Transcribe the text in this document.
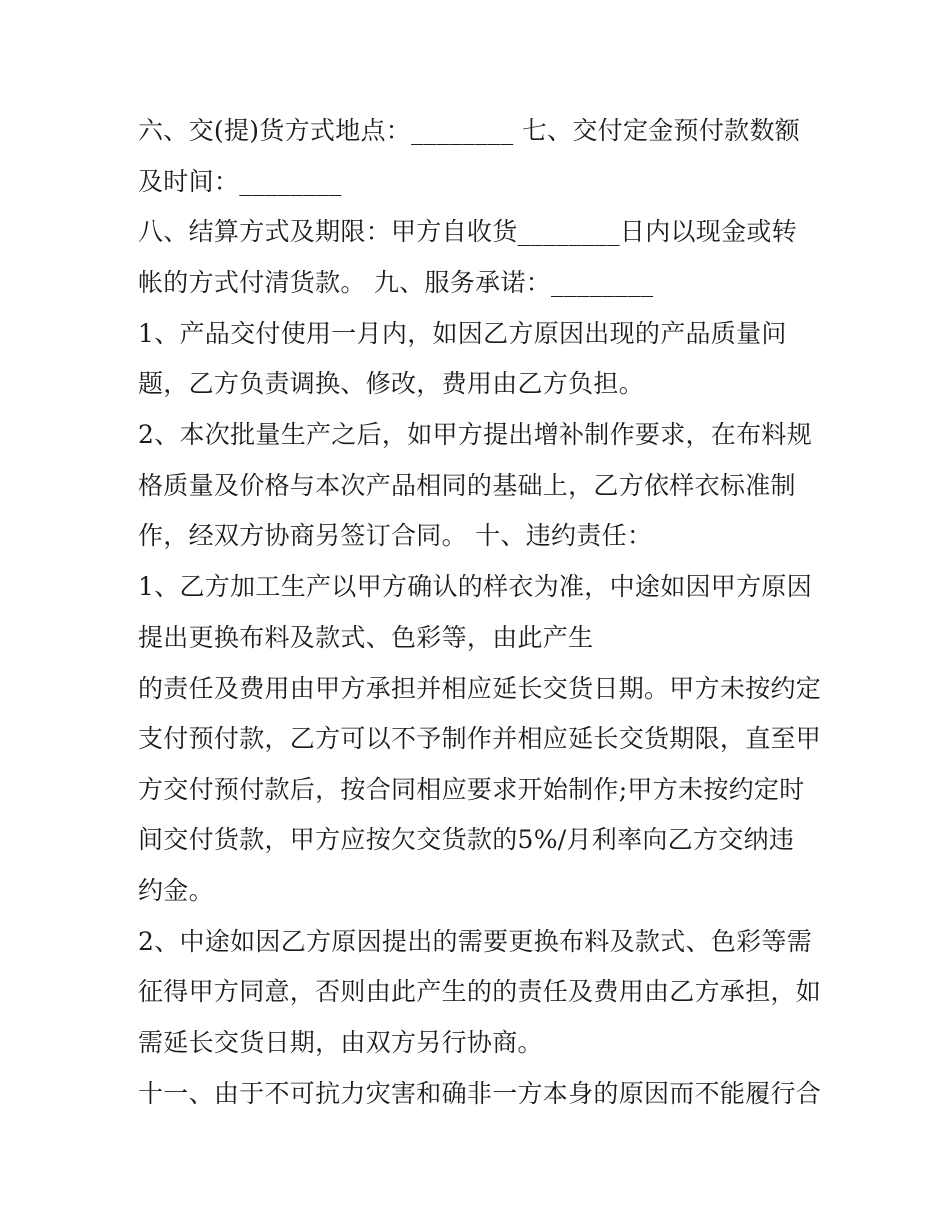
六、交(提)货方式地点：________ 七、交付定金预付款数额
及时间：________
八、结算方式及期限：甲方自收货________日内以现金或转
帐的方式付清货款。 九、服务承诺：________
1、产品交付使用一月内，如因乙方原因出现的产品质量问
题，乙方负责调换、修改，费用由乙方负担。
2、本次批量生产之后，如甲方提出增补制作要求，在布料规
格质量及价格与本次产品相同的基础上，乙方依样衣标准制
作，经双方协商另签订合同。 十、违约责任：
1、乙方加工生产以甲方确认的样衣为准，中途如因甲方原因
提出更换布料及款式、色彩等，由此产生
的责任及费用由甲方承担并相应延长交货日期。甲方未按约定
支付预付款，乙方可以不予制作并相应延长交货期限，直至甲
方交付预付款后，按合同相应要求开始制作;甲方未按约定时
间交付货款，甲方应按欠交货款的5%/月利率向乙方交纳违
约金。
2、中途如因乙方原因提出的需要更换布料及款式、色彩等需
征得甲方同意，否则由此产生的的责任及费用由乙方承担，如
需延长交货日期，由双方另行协商。
十一、由于不可抗力灾害和确非一方本身的原因而不能履行合
